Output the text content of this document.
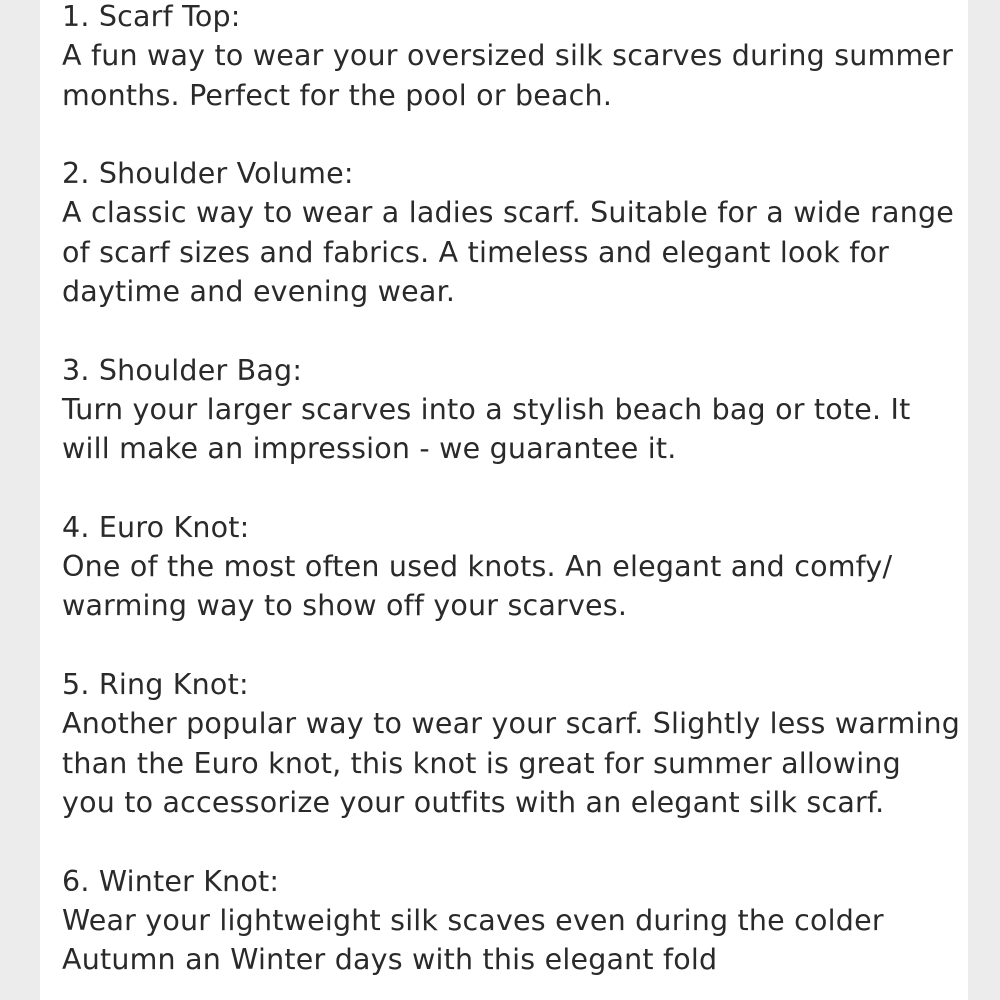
1. Scarf Top:
A fun way to wear your oversized silk scarves during summer
months. Perfect for the pool or beach.
2. Shoulder Volume:
A classic way to wear a ladies scarf. Suitable for a wide range
of scarf sizes and fabrics. A timeless and elegant look for
daytime and evening wear.
3. Shoulder Bag:
Turn your larger scarves into a stylish beach bag or tote. It
will make an impression - we guarantee it.
4. Euro Knot:
One of the most often used knots. An elegant and comfy/
warming way to show off your scarves.
5. Ring Knot:
Another popular way to wear your scarf. Slightly less warming
than the Euro knot, this knot is great for summer allowing
you to accessorize your outfits with an elegant silk scarf.
6. Winter Knot:
Wear your lightweight silk scaves even during the colder
Autumn an Winter days with this elegant fold
